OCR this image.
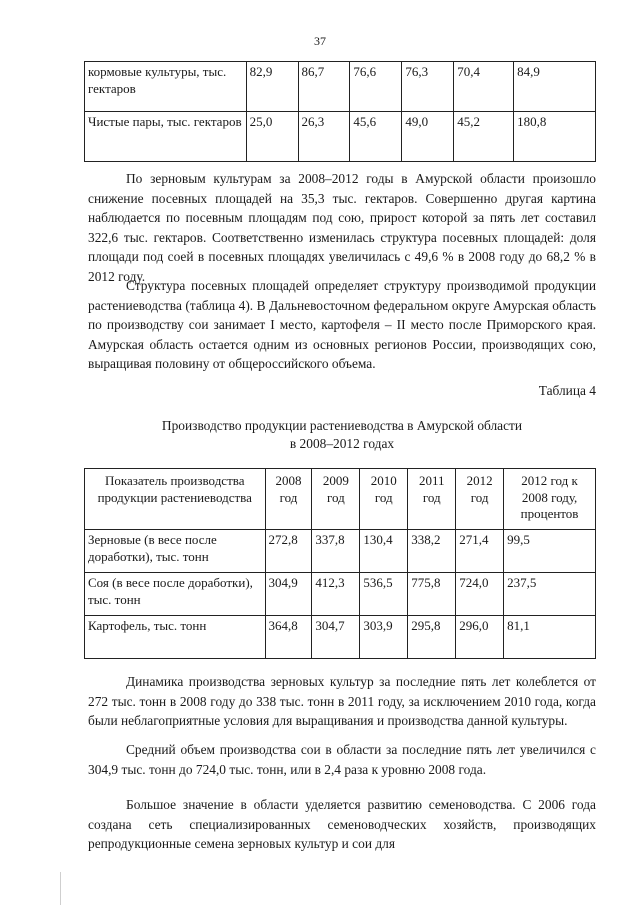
37
кормовые культуры, тыс. гектаров	82,9	86,7	76,6	76,3	70,4	84,9
Чистые пары, тыс. гектаров	25,0	26,3	45,6	49,0	45,2	180,8

По зерновым культурам за 2008–2012 годы в Амурской области произошло снижение посевных площадей на 35,3 тыс. гектаров. Совершенно другая картина наблюдается по посевным площадям под сою, прирост которой за пять лет составил 322,6 тыс. гектаров. Соответственно изменилась структура посевных площадей: доля площади под соей в посевных площадях увеличилась с 49,6 % в 2008 году до 68,2 % в 2012 году.

Структура посевных площадей определяет структуру производимой продукции растениеводства (таблица 4). В Дальневосточном федеральном округе Амурская область по производству сои занимает I место, картофеля – II место после Приморского края. Амурская область остается одним из основных регионов России, производящих сою, выращивая половину от общероссийского объема.

Таблица 4
Производство продукции растениеводства в Амурской области
в 2008–2012 годах
Показатель производства продукции растениеводства	2008 год	2009 год	2010 год	2011 год	2012 год	2012 год к 2008 году, процентов
Зерновые (в весе после доработки), тыс. тонн	272,8	337,8	130,4	338,2	271,4	99,5
Соя (в весе после доработки), тыс. тонн	304,9	412,3	536,5	775,8	724,0	237,5
Картофель, тыс. тонн	364,8	304,7	303,9	295,8	296,0	81,1

Динамика производства зерновых культур за последние пять лет колеблется от 272 тыс. тонн в 2008 году до 338 тыс. тонн в 2011 году, за исключением 2010 года, когда были неблагоприятные условия для выращивания и производства данной культуры.

Средний объем производства сои в области за последние пять лет увеличился с 304,9 тыс. тонн до 724,0 тыс. тонн, или в 2,4 раза к уровню 2008 года.

Большое значение в области уделяется развитию семеноводства. С 2006 года создана сеть специализированных семеноводческих хозяйств, производящих репродукционные семена зерновых культур и сои для
